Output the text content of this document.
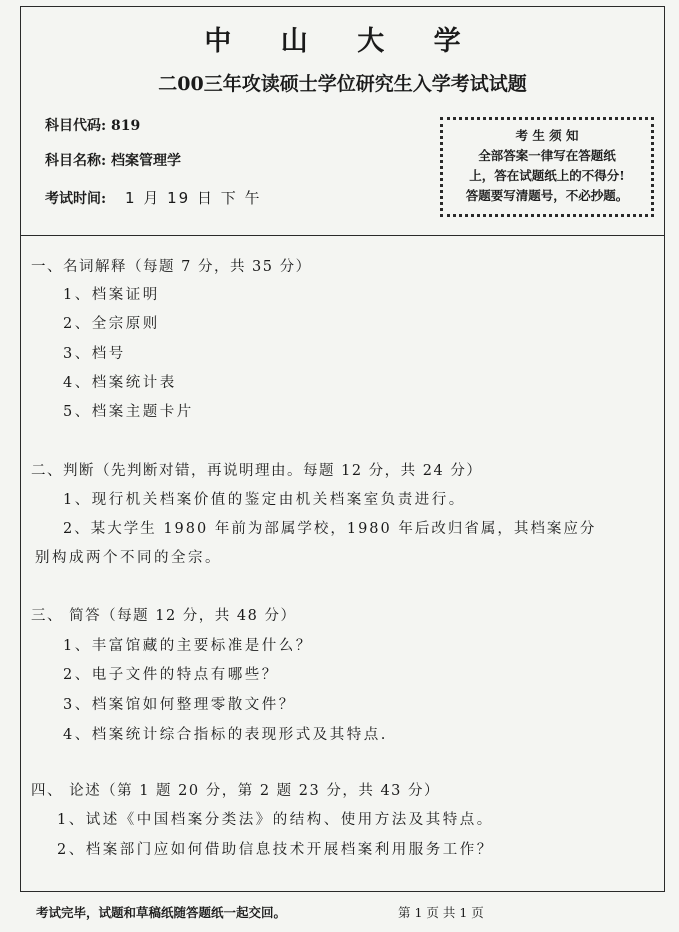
中 山 大 学
二00三年攻读硕士学位研究生入学考试试题
科目代码: 819
科目名称: 档案管理学
考试时间: 1 月 19 日 下 午
考 生 须 知
全部答案一律写在答题纸
上，答在试题纸上的不得分!
答题要写清题号，不必抄题。
一、名词解释（每题 7 分，共 35 分）
1、档案证明
2、全宗原则
3、档号
4、档案统计表
5、档案主题卡片
二、判断（先判断对错，再说明理由。每题 12 分，共 24 分）
1、现行机关档案价值的鉴定由机关档案室负责进行。
2、某大学生 1980 年前为部属学校，1980 年后改归省属，其档案应分
别构成两个不同的全宗。
三、 简答（每题 12 分，共 48 分）
1、丰富馆藏的主要标准是什么？
2、电子文件的特点有哪些？
3、档案馆如何整理零散文件？
4、档案统计综合指标的表现形式及其特点.
四、 论述（第 1 题 20 分，第 2 题 23 分，共 43 分）
1、试述《中国档案分类法》的结构、使用方法及其特点。
2、档案部门应如何借助信息技术开展档案利用服务工作？
考试完毕，试题和草稿纸随答题纸一起交回。	第 1 页 共 1 页
